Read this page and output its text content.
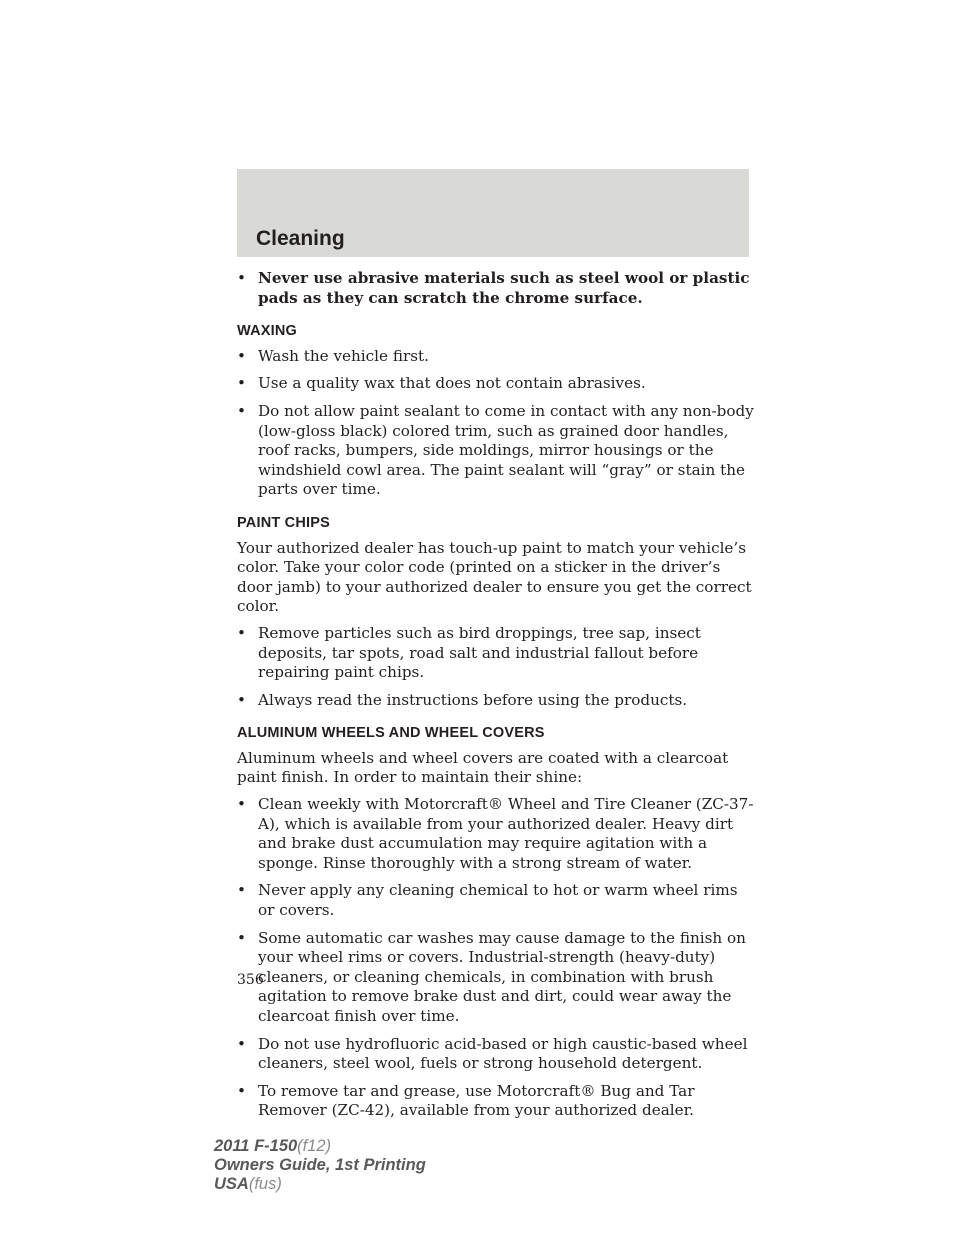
Cleaning
• Never use abrasive materials such as steel wool or plastic pads as they can scratch the chrome surface.
WAXING
• Wash the vehicle first.
• Use a quality wax that does not contain abrasives.
• Do not allow paint sealant to come in contact with any non-body (low-gloss black) colored trim, such as grained door handles, roof racks, bumpers, side moldings, mirror housings or the windshield cowl area. The paint sealant will “gray” or stain the parts over time.
PAINT CHIPS
Your authorized dealer has touch-up paint to match your vehicle’s color. Take your color code (printed on a sticker in the driver’s door jamb) to your authorized dealer to ensure you get the correct color.
• Remove particles such as bird droppings, tree sap, insect deposits, tar spots, road salt and industrial fallout before repairing paint chips.
• Always read the instructions before using the products.
ALUMINUM WHEELS AND WHEEL COVERS
Aluminum wheels and wheel covers are coated with a clearcoat paint finish. In order to maintain their shine:
• Clean weekly with Motorcraft® Wheel and Tire Cleaner (ZC-37-A), which is available from your authorized dealer. Heavy dirt and brake dust accumulation may require agitation with a sponge. Rinse thoroughly with a strong stream of water.
• Never apply any cleaning chemical to hot or warm wheel rims or covers.
• Some automatic car washes may cause damage to the finish on your wheel rims or covers. Industrial-strength (heavy-duty) cleaners, or cleaning chemicals, in combination with brush agitation to remove brake dust and dirt, could wear away the clearcoat finish over time.
• Do not use hydrofluoric acid-based or high caustic-based wheel cleaners, steel wool, fuels or strong household detergent.
• To remove tar and grease, use Motorcraft® Bug and Tar Remover (ZC-42), available from your authorized dealer.
356
2011 F-150(f12)
Owners Guide, 1st Printing
USA(fus)
